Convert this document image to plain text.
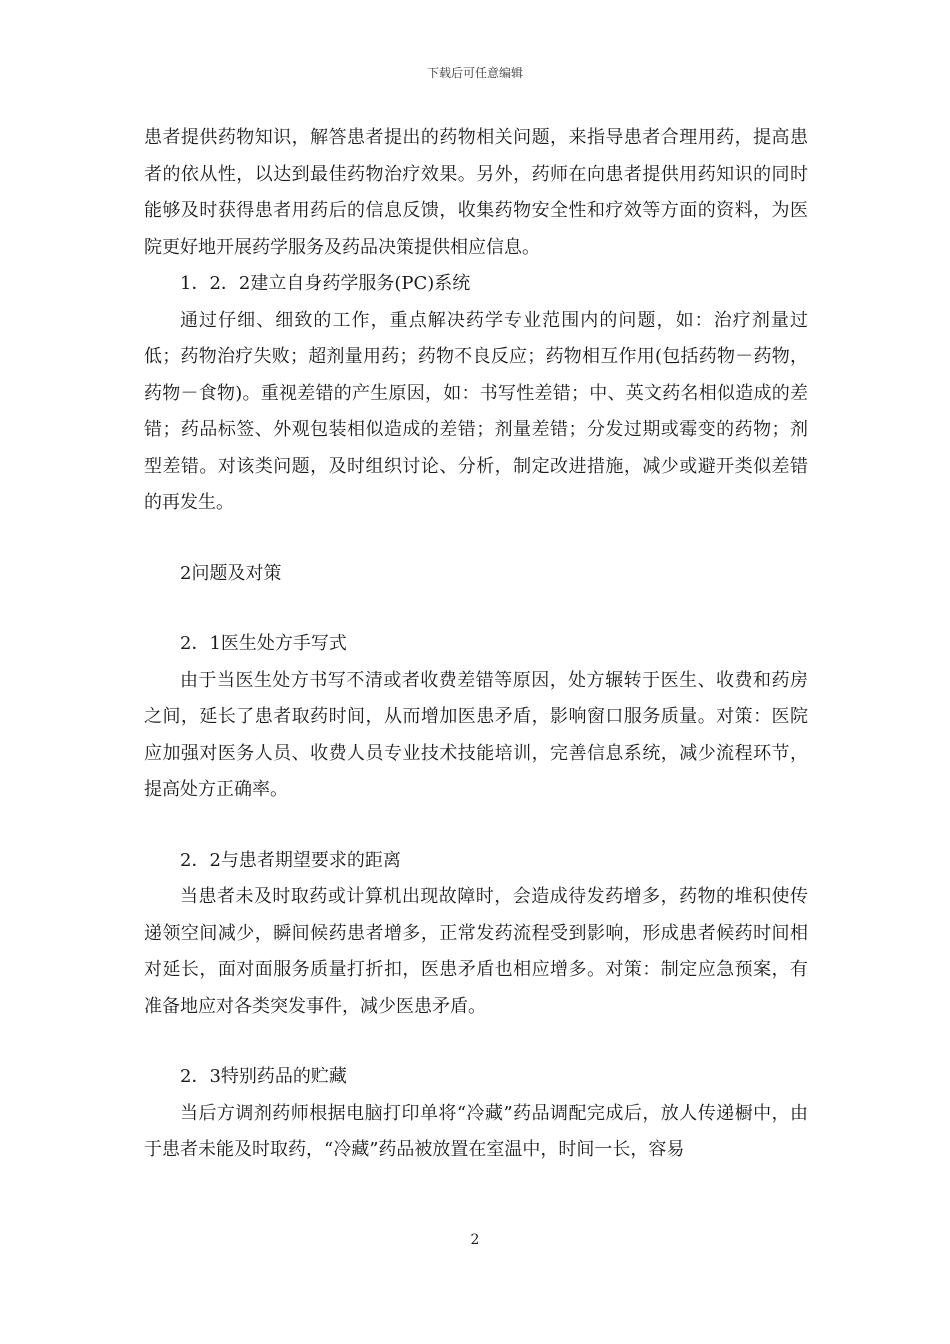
下载后可任意编辑

患者提供药物知识，解答患者提出的药物相关问题，来指导患者合理用药，提高患者的依从性，以达到最佳药物治疗效果。另外，药师在向患者提供用药知识的同时能够及时获得患者用药后的信息反馈，收集药物安全性和疗效等方面的资料，为医院更好地开展药学服务及药品决策提供相应信息。

1．2．2建立自身药学服务(PC)系统

通过仔细、细致的工作，重点解决药学专业范围内的问题，如：治疗剂量过低；药物治疗失败；超剂量用药；药物不良反应；药物相互作用(包括药物－药物，药物－食物)。重视差错的产生原因，如：书写性差错；中、英文药名相似造成的差错；药品标签、外观包装相似造成的差错；剂量差错；分发过期或霉变的药物；剂型差错。对该类问题，及时组织讨论、分析，制定改进措施，减少或避开类似差错的再发生。

2问题及对策

2．1医生处方手写式

由于当医生处方书写不清或者收费差错等原因，处方辗转于医生、收费和药房之间，延长了患者取药时间，从而增加医患矛盾，影响窗口服务质量。对策：医院应加强对医务人员、收费人员专业技术技能培训，完善信息系统，减少流程环节，提高处方正确率。

2．2与患者期望要求的距离

当患者未及时取药或计算机出现故障时，会造成待发药增多，药物的堆积使传递领空间减少，瞬间候药患者增多，正常发药流程受到影响，形成患者候药时间相对延长，面对面服务质量打折扣，医患矛盾也相应增多。对策：制定应急预案，有准备地应对各类突发事件，减少医患矛盾。

2．3特别药品的贮藏

当后方调剂药师根据电脑打印单将“冷藏”药品调配完成后，放人传递橱中，由于患者未能及时取药，“冷藏”药品被放置在室温中，时间一长，容易

2
